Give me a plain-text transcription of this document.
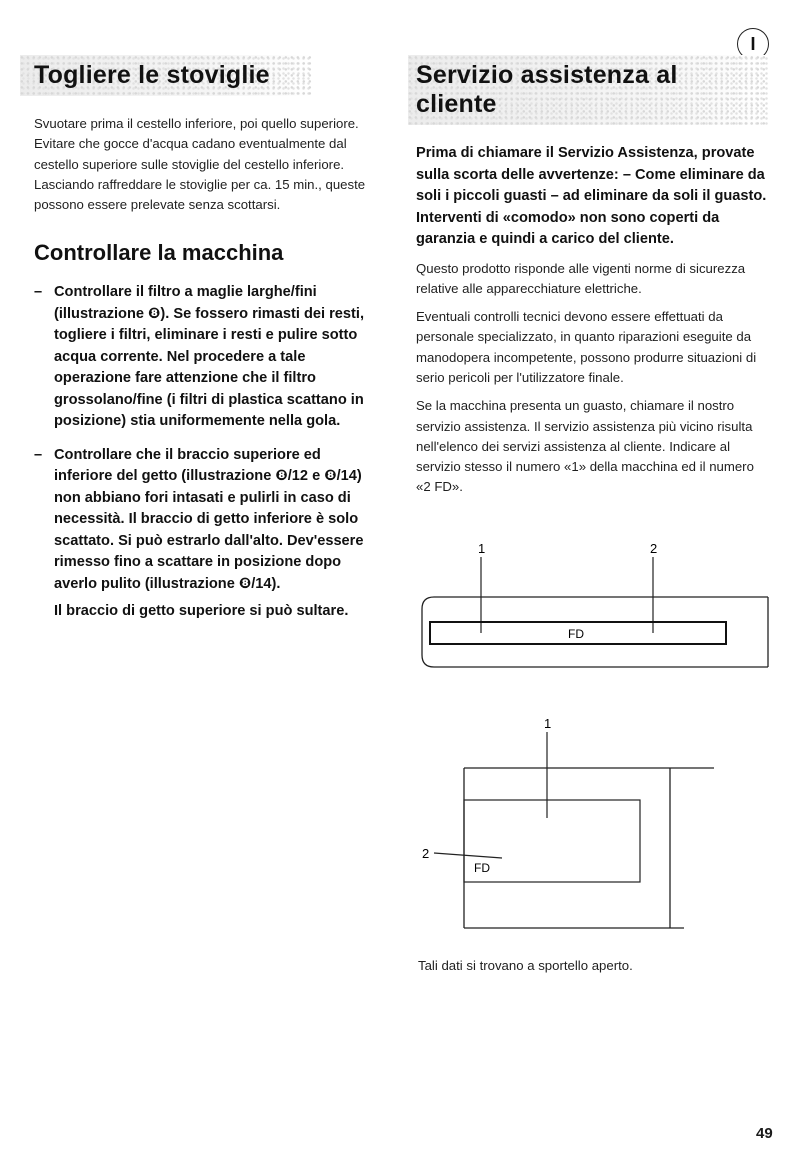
I
Togliere le stoviglie
Svuotare prima il cestello inferiore, poi quello superiore. Evitare che gocce d'acqua cadano eventualmente dal cestello superiore sulle stoviglie del cestello inferiore. Lasciando raffreddare le stoviglie per ca. 15 min., queste possono essere prelevate senza scottarsi.
Controllare la macchina
– Controllare il filtro a maglie larghe/fini (illustrazione ❽). Se fossero rimasti dei resti, togliere i filtri, eliminare i resti e pulire sotto acqua corrente. Nel procedere a tale operazione fare attenzione che il filtro grossolano/fine (i filtri di plastica scattano in posizione) stia uniformemente nella gola.
– Controllare che il braccio superiore ed inferiore del getto (illustrazione ❽/12 e ❽/14) non abbiano fori intasati e pulirli in caso di necessità. Il braccio di getto inferiore è solo scattato. Si può estrarlo dall'alto. Dev'essere rimesso fino a scattare in posizione dopo averlo pulito (illustrazione ❽/14).
Il braccio di getto superiore si può sultare.
Servizio assistenza al cliente
Prima di chiamare il Servizio Assistenza, provate sulla scorta delle avvertenze: – Come eliminare da soli i piccoli guasti – ad eliminare da soli il guasto. Interventi di «comodo» non sono coperti da garanzia e quindi a carico del cliente.

Questo prodotto risponde alle vigenti norme di sicurezza relative alle apparecchiature elettriche.

Eventuali controlli tecnici devono essere effettuati da personale specializzato, in quanto riparazioni eseguite da manodopera incompetente, possono produrre situazioni di serio pericoli per l'utilizzatore finale.

Se la macchina presenta un guasto, chiamare il nostro servizio assistenza. Il servizio assistenza più vicino risulta nell'elenco dei servizi assistenza al cliente. Indicare al servizio stesso il numero «1» della macchina ed il numero «2 FD».

1	2
FD
1
2
FD
Tali dati si trovano a sportello aperto.
49
